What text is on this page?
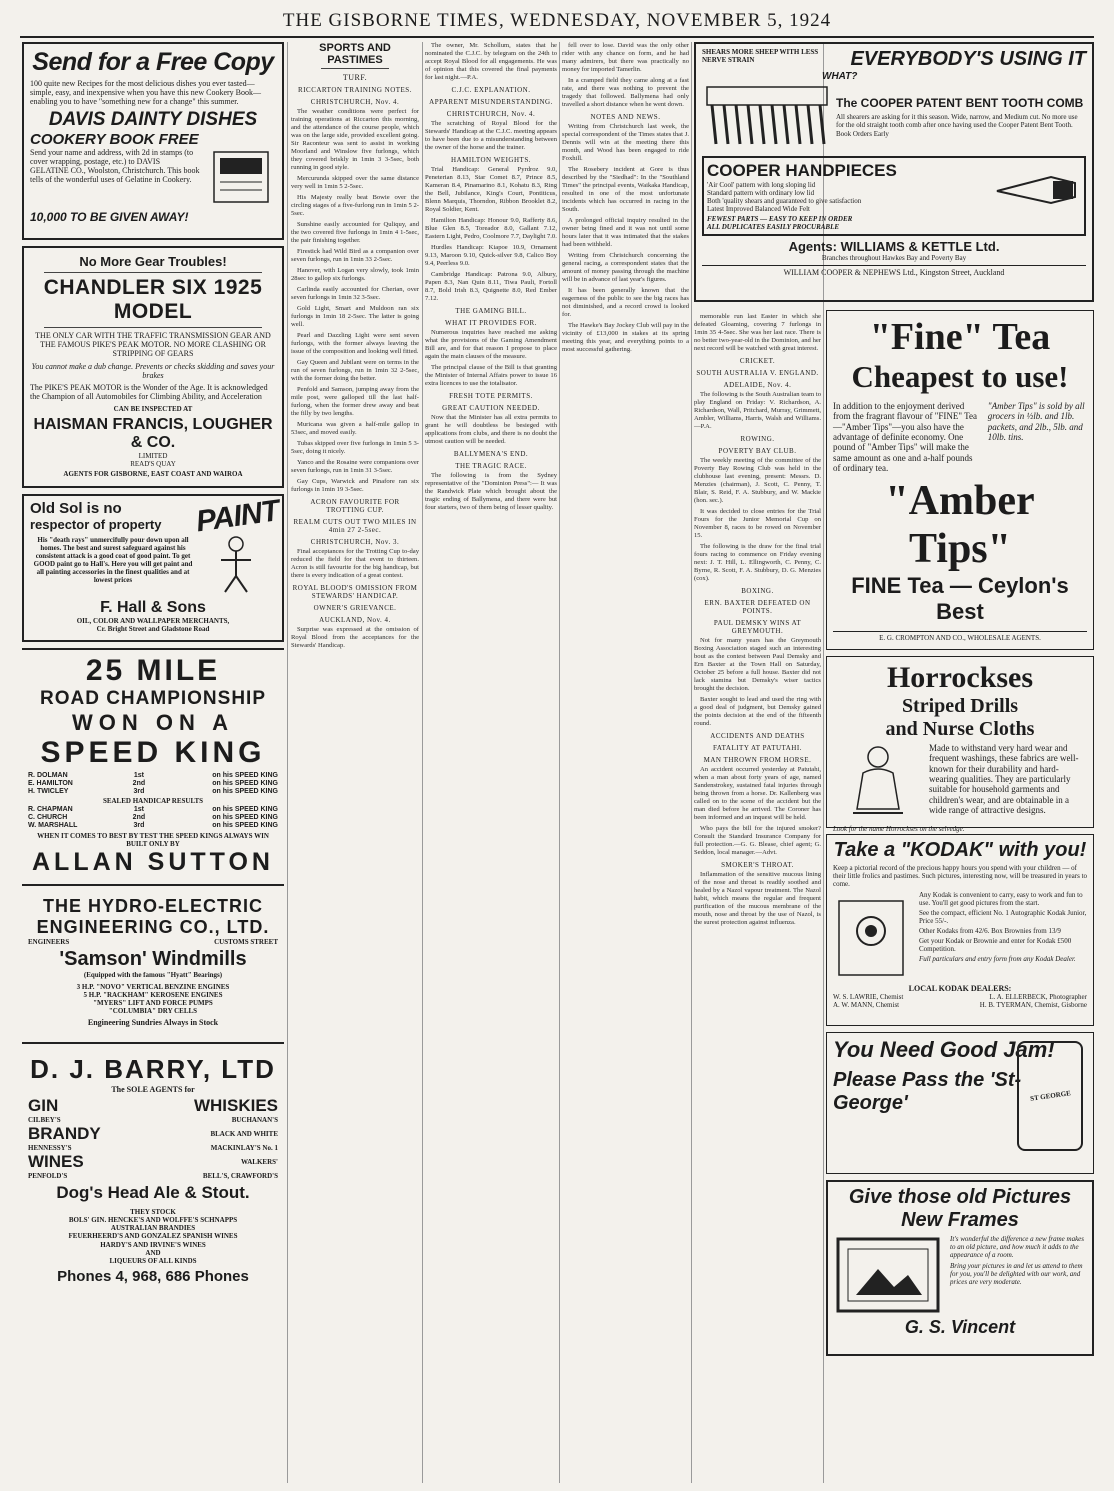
THE GISBORNE TIMES, WEDNESDAY, NOVEMBER 5, 1924
Send for a Free Copy
100 quite new Recipes for the most delicious dishes you ever tasted— simple, easy, and inexpensive when you have this new Cookery Book— enabling you to have "something new for a change" this summer.
DAVIS DAINTY DISHES
COOKERY BOOK FREE
Send your name and address, with 2d in stamps (to cover wrapping, postage, etc.) to DAVIS GELATINE CO., Woolston, Christchurch. This book tells of the wonderful uses of Gelatine in Cookery.
10,000 TO BE GIVEN AWAY!
No More Gear Troubles!
CHANDLER SIX 1925 MODEL
THE ONLY CAR WITH THE TRAFFIC TRANSMISSION GEAR AND THE FAMOUS PIKE'S PEAK MOTOR. NO MORE CLASHING OR STRIPPING OF GEARS
You cannot make a dub change. Prevents or checks skidding and saves your brakes
The PIKE'S PEAK MOTOR is the Wonder of the Age. It is acknowledged the Champion of all Automobiles for Climbing Ability, and Acceleration
CAN BE INSPECTED AT
HAISMAN FRANCIS, LOUGHER & CO.
LIMITED
READ'S QUAY
AGENTS FOR GISBORNE, EAST COAST AND WAIROA
Old Sol is no
respector of property
His "death rays" unmercifully pour down upon all homes. The best and surest safeguard against his consistent attack is a good coat of good paint. To get GOOD paint go to Hall's. Here you will get paint and all painting accessories in the finest qualities and at lowest prices
PAINT
F. Hall & Sons
OIL, COLOR AND WALLPAPER MERCHANTS,
Cr. Bright Street and Gladstone Road
25 MILE
ROAD CHAMPIONSHIP
WON ON A
SPEED KING
R. DOLMAN	1st	on his SPEED KING
E. HAMILTON	2nd	on his SPEED KING
H. TWICLEY	3rd	on his SPEED KING
SEALED HANDICAP RESULTS
R. CHAPMAN	1st	on his SPEED KING
C. CHURCH	2nd	on his SPEED KING
W. MARSHALL	3rd	on his SPEED KING
WHEN IT COMES TO BEST BY TEST THE SPEED KINGS ALWAYS WIN
BUILT ONLY BY
ALLAN SUTTON
THE HYDRO-ELECTRIC
ENGINEERING CO., LTD.
ENGINEERS	CUSTOMS STREET
'Samson' Windmills
(Equipped with the famous "Hyatt" Bearings)
3 H.P. "NOVO" VERTICAL BENZINE ENGINES
5 H.P. "RACKHAM" KEROSENE ENGINES
"MYERS" LIFT AND FORCE PUMPS
"COLUMBIA" DRY CELLS
Engineering Sundries Always in Stock
D. J. BARRY, LTD
The SOLE AGENTS for
GIN	WHISKIES
CILBEY'S	BUCHANAN'S
BRANDY	BLACK AND WHITE
HENNESSY'S	MACKINLAY'S No. 1
WINES	WALKERS'
PENFOLD'S	BELL'S, CRAWFORD'S
Dog's Head Ale & Stout.
THEY STOCK
BOLS' GIN. HENCKE'S AND WOLFFE'S SCHNAPPS
AUSTRALIAN BRANDIES
FEUERHEERD'S AND GONZALEZ SPANISH WINES
HARDY'S AND IRVINE'S WINES
AND
LIQUEURS OF ALL KINDS
Phones 4, 968, 686 Phones
SPORTS AND PASTIMES
TURF.
RICCARTON TRAINING NOTES.
CHRISTCHURCH, Nov. 4.

The weather conditions were perfect for training operations at Riccarton this morning, and the attendance of the course people, which was on the large side, provided excellent going. Sir Raconteur was sent to assist in working Moorland and Winslow five furlongs, which they covered briskly in 1min 3 3-5sec, both running in good style.

Mercurunda skipped over the same distance very well in 1min 5 2-5sec.

His Majesty really beat Bowie over the circling stages of a five-furlong run in 1min 5 2-5sec.

Sunshine easily accounted for Quliquy, and the two covered five furlongs in 1min 4 1-5sec, the pair finishing together.

Firestick had Wild Bird as a companion over seven furlongs, run in 1min 33 2-5sec.

Hanover, with Logan very slowly, took 1min 28sec to gallop six furlongs.

Carlinda easily accounted for Cherian, over seven furlongs in 1min 32 3-5sec.

Gold Light, Smart and Muldoon ran six furlongs in 1min 18 2-5sec. The latter is going well.

Pearl and Dazzling Light were sent seven furlongs, with the former always leaving the issue of the composition and looking well fitted.

Gay Queen and Jubilant were on terms in the run of seven furlongs, run in 1min 32 2-5sec, with the former doing the better.

Penfold and Samson, jumping away from the mile post, were galloped till the last half-furlong, when the former drew away and beat the filly by two lengths.

Muricana was given a half-mile gallop in 53sec, and moved easily.

Tubas skipped over five furlongs in 1min 5 3-5sec, doing it nicely.

Yanco and the Rosaine were companions over seven furlongs, run in 1min 31 3-5sec.

Gay Cups, Warwick and Pinafore ran six furlongs in 1min 19 3-5sec.

ACRON FAVOURITE FOR TROTTING CUP.
REALM CUTS OUT TWO MILES IN 4min 27 2-5sec.
CHRISTCHURCH, Nov. 3.

Final acceptances for the Trotting Cup to-day reduced the field for that event to thirteen. Acron is still favourite for the big handicap, but there is every indication of a great contest.

ROYAL BLOOD'S OMISSION FROM STEWARDS' HANDICAP.
OWNER'S GRIEVANCE.
AUCKLAND, Nov. 4.

Surprise was expressed at the omission of Royal Blood from the acceptances for the Stewards' Handicap.

The owner, Mr. Schollum, states that he nominated the C.J.C. by telegram on the 24th to accept Royal Blood for all engagements. He was of opinion that this covered the final payments for last night.—P.A.

C.J.C. EXPLANATION.
APPARENT MISUNDERSTANDING.
CHRISTCHURCH, Nov. 4.

The scratching of Royal Blood for the Stewards' Handicap at the C.J.C. meeting appears to have been due to a misunderstanding between the owner of the horse and the trainer.

HAMILTON WEIGHTS.

Trial Handicap: General Pyrdroz 9.0, Peneterian 8.13, Star Comet 8.7, Prince 8.5, Kameran 8.4, Pinamarino 8.1, Kohatu 8.3, Ring the Bell, Jubilance, King's Court, Pontiticus, Blenn Marquis, Thorndon, Ribbon Brooklet 8.2, Royal Soldier, Kent.

Hamilton Handicap: Honour 9.0, Rafferty 8.6, Blue Glen 8.5, Toreador 8.0, Gallant 7.12, Eastern Light, Pedro, Coolmore 7.7, Daylight 7.0.

Hurdles Handicap: Kiapoe 10.9, Ornament 9.13, Maroon 9.10, Quick-silver 9.8, Calico Boy 9.4, Peerless 9.0.

Cambridge Handicap: Patrona 9.0, Albury, Papen 8.3, Nan Quin 8.11, Tiwa Pauli, Fortoll 8.7, Bold Irish 8.3, Quignette 8.0, Red Ember 7.12.

THE GAMING BILL.
WHAT IT PROVIDES FOR.

Numerous inquiries have reached me asking what the provisions of the Gaming Amendment Bill are, and for that reason I propose to place again the main clauses of the measure.

The principal clause of the Bill is that granting the Minister of Internal Affairs power to issue 16 extra licences to use the totalisator.

FRESH TOTE PERMITS.
GREAT CAUTION NEEDED.

Now that the Minister has all extra permits to grant he will doubtless be besieged with applications from clubs, and there is no doubt the utmost caution will be needed.

BALLYMENA'S END.
THE TRAGIC RACE.

The following is from the Sydney representative of the "Dominion Press":— It was the Randwick Plate which brought about the tragic ending of Ballymena, and there were but four starters, two of them being of lesser quality.

fell over to lose. David was the only other rider with any chance on form, and he had many admirers, but there was practically no money for imported Tamerlin.

In a cramped field they came along at a fast rate, and there was nothing to prevent the tragedy that followed. Ballymena had only travelled a short distance when he went down.

NOTES AND NEWS.

Writing from Christchurch last week, the special correspondent of the Times states that J. Dennis will win at the meeting there this month, and Wood has been engaged to ride Foxhill.

The Rosebery incident at Gore is thus described by the "Siedhad": In the "Southland Times" the principal events, Waikaka Handicap, resulted in one of the most unfortunate incidents which has occurred in racing in the South.

A prolonged official inquiry resulted in the owner being fined and it was not until some hours later that it was intimated that the stakes had been withheld.

Writing from Christchurch concerning the general racing, a correspondent states that the amount of money passing through the machine will be in advance of last year's figures.

It has been generally known that the eagerness of the public to see the big races has not diminished, and a record crowd is looked for.

The Hawke's Bay Jockey Club will pay in the vicinity of £13,000 in stakes at its spring meeting this year, and everything points to a most successful gathering.

memorable run last Easter in which she defeated Gloaming, covering 7 furlongs in 1min 35 4-5sec. She was her last race. There is no better two-year-old in the Dominion, and her next record will be watched with great interest.

CRICKET.
SOUTH AUSTRALIA V. ENGLAND.
ADELAIDE, Nov. 4.

The following is the South Australian team to play England on Friday: V. Richardson, A. Richardson, Wall, Pritchard, Murray, Grimmett, Ambler, Williams, Harris, Walsh and Williams.—P.A.

ROWING.
POVERTY BAY CLUB.

The weekly meeting of the committee of the Poverty Bay Rowing Club was held in the clubhouse last evening, present: Messrs. D. Menzies (chairman), J. Scott, C. Penny, T. Blair, S. Reid, F. A. Stubbury, and W. Mackie (hon. sec.).

It was decided to close entries for the Trial Fours for the Junior Memorial Cup on November 8, races to be rowed on November 15.

The following is the draw for the final trial fours racing to commence on Friday evening next: J. T. Hill, L. Ellingworth, C. Penny, C. Byrne, R. Scott, F. A. Stubbury, D. G. Menzies (cox).

BOXING.
ERN. BAXTER DEFEATED ON POINTS.
PAUL DEMSKY WINS AT GREYMOUTH.

Not for many years has the Greymouth Boxing Association staged such an interesting bout as the contest between Paul Demsky and Ern Baxter at the Town Hall on Saturday, October 25 before a full house. Baxter did not lack stamina but Demsky's wiser tactics brought the decision.

Baxter sought to lead and used the ring with a good deal of judgment, but Demsky gained the points decision at the end of the fifteenth round.

ACCIDENTS AND DEATHS
FATALITY AT PATUTAHI.
MAN THROWN FROM HORSE.

An accident occurred yesterday at Patutahi, when a man about forty years of age, named Sandenstrokey, sustained fatal injuries through being thrown from a horse. Dr. Kallenberg was called on to the scene of the accident but the man died before he arrived. The Coroner has been informed and an inquest will be held.

Who pays the bill for the injured smoker? Consult the Standard Insurance Company for full protection.—G. G. Blease, chief agent; G. Seddon, local manager.—Advt.

SMOKER'S THROAT.

Inflammation of the sensitive mucous lining of the nose and throat is readily soothed and healed by a Nazol vapour treatment. The Nazol habit, which means the regular and frequent purification of the mucous membrane of the mouth, nose and throat by the use of Nazol, is the surest protection against influenza.

SHEARS MORE SHEEP WITH LESS NERVE STRAIN	EVERYBODY'S USING IT
WHAT?
The COOPER PATENT BENT TOOTH COMB
All shearers are asking for it this season. Wide, narrow, and Medium cut. No more use for the old straight tooth comb after once having used the Cooper Patent Bent Tooth. Book Orders Early
COOPER HANDPIECES
'Air Cool' pattern with long sloping lid
Standard pattern with ordinary low lid
Both 'quality shears and guaranteed to give satisfaction
Latest Improved Balanced Wide Felt
FEWEST PARTS — EASY TO KEEP IN ORDER
ALL DUPLICATES EASILY PROCURABLE
Agents: WILLIAMS & KETTLE Ltd.
Branches throughout Hawkes Bay and Poverty Bay
WILLIAM COOPER & NEPHEWS Ltd., Kingston Street, Auckland
"Fine" Tea
Cheapest to use!
In addition to the enjoyment derived from the fragrant flavour of "FINE" Tea—"Amber Tips"—you also have the advantage of definite economy. One pound of "Amber Tips" will make the same amount as one and a-half pounds of ordinary tea.
"Amber Tips" is sold by all grocers in ½lb. and 1lb. packets, and 2lb., 5lb. and 10lb. tins.
"Amber Tips"
FINE Tea — Ceylon's Best
E. G. CROMPTON AND CO., WHOLESALE AGENTS.
Horrockses
Striped Drills
and Nurse Cloths
Made to withstand very hard wear and frequent washings, these fabrics are well-known for their durability and hard-wearing qualities. They are particularly suitable for household garments and children's wear, and are obtainable in a wide range of attractive designs.
Look for the name Horrockses on the selvedge.
Take a "KODAK" with you!
Keep a pictorial record of the precious happy hours you spend with your children — of their little frolics and pastimes. Such pictures, interesting now, will be treasured in years to come.
Any Kodak is convenient to carry, easy to work and fun to use. You'll get good pictures from the start.
See the compact, efficient No. 1 Autographic Kodak Junior, Price 55/-.
Other Kodaks from 42/6. Box Brownies from 13/9
Get your Kodak or Brownie and enter for Kodak £500 Competition.
Full particulars and entry form from any Kodak Dealer.
LOCAL KODAK DEALERS:
W. S. LAWRIE, Chemist	L. A. ELLERBECK, Photographer
A. W. MANN, Chemist	H. B. TYERMAN, Chemist, Gisborne
You Need Good Jam!
Please Pass the 'St-George'	ST GEORGE
Give those old Pictures
New Frames
It's wonderful the difference a new frame makes to an old picture, and how much it adds to the appearance of a room.
Bring your pictures in and let us attend to them for you, you'll be delighted with our work, and prices are very moderate.
G. S. Vincent
